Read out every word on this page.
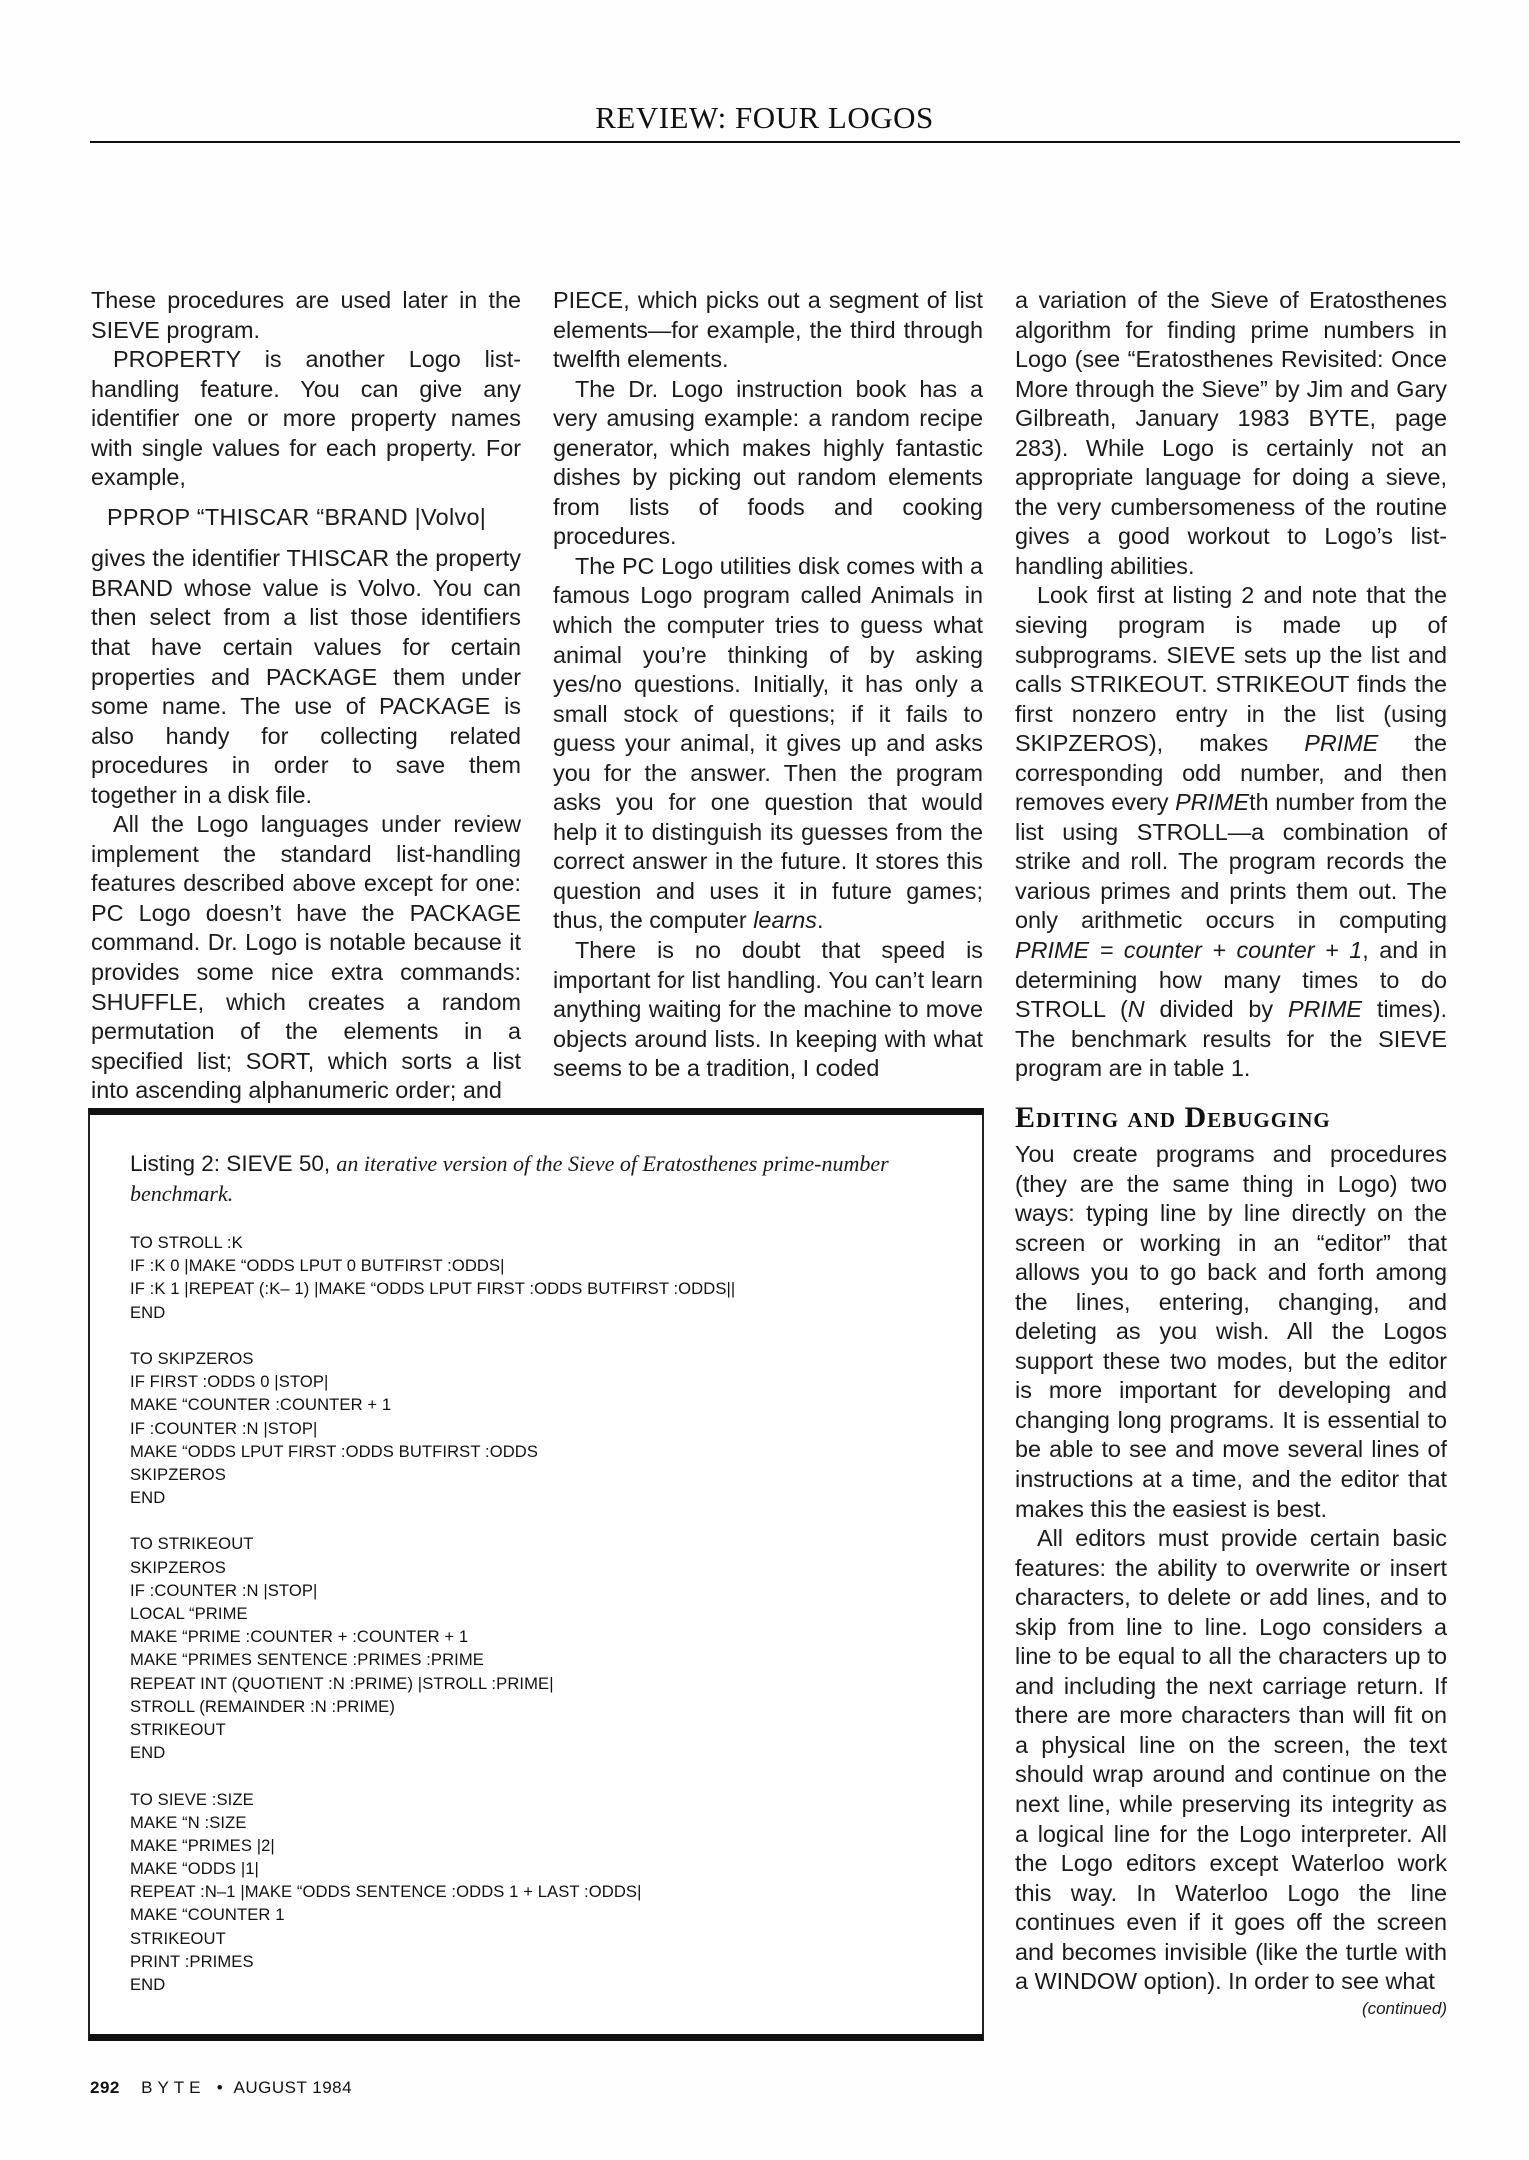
REVIEW: FOUR LOGOS

These procedures are used later in the SIEVE program.

PROPERTY is another Logo list-handling feature. You can give any identifier one or more property names with single values for each property. For example,

PPROP “THISCAR “BRAND |Volvo|

gives the identifier THISCAR the property BRAND whose value is Volvo. You can then select from a list those identifiers that have certain values for certain properties and PACKAGE them under some name. The use of PACKAGE is also handy for collecting related procedures in order to save them together in a disk file.

All the Logo languages under review implement the standard list-handling features described above except for one: PC Logo doesn’t have the PACKAGE command. Dr. Logo is notable because it provides some nice extra commands: SHUFFLE, which creates a random permutation of the elements in a specified list; SORT, which sorts a list into ascending alphanumeric order; and

PIECE, which picks out a segment of list elements—for example, the third through twelfth elements.

The Dr. Logo instruction book has a very amusing example: a random recipe generator, which makes highly fantastic dishes by picking out random elements from lists of foods and cooking procedures.

The PC Logo utilities disk comes with a famous Logo program called Animals in which the computer tries to guess what animal you’re thinking of by asking yes/no questions. Initially, it has only a small stock of questions; if it fails to guess your animal, it gives up and asks you for the answer. Then the program asks you for one question that would help it to distinguish its guesses from the correct answer in the future. It stores this question and uses it in future games; thus, the computer learns.

There is no doubt that speed is important for list handling. You can’t learn anything waiting for the machine to move objects around lists. In keeping with what seems to be a tradition, I coded

a variation of the Sieve of Eratosthenes algorithm for finding prime numbers in Logo (see “Eratosthenes Revisited: Once More through the Sieve” by Jim and Gary Gilbreath, January 1983 BYTE, page 283). While Logo is certainly not an appropriate language for doing a sieve, the very cumbersomeness of the routine gives a good workout to Logo’s list-handling abilities.

Look first at listing 2 and note that the sieving program is made up of subprograms. SIEVE sets up the list and calls STRIKEOUT. STRIKEOUT finds the first nonzero entry in the list (using SKIPZEROS), makes PRIME the corresponding odd number, and then removes every PRIMEth number from the list using STROLL—a combination of strike and roll. The program records the various primes and prints them out. The only arithmetic occurs in computing PRIME = counter + counter + 1, and in determining how many times to do STROLL (N divided by PRIME times). The benchmark results for the SIEVE program are in table 1.

Editing and Debugging

You create programs and procedures (they are the same thing in Logo) two ways: typing line by line directly on the screen or working in an “editor” that allows you to go back and forth among the lines, entering, changing, and deleting as you wish. All the Logos support these two modes, but the editor is more important for developing and changing long programs. It is essential to be able to see and move several lines of instructions at a time, and the editor that makes this the easiest is best.

All editors must provide certain basic features: the ability to overwrite or insert characters, to delete or add lines, and to skip from line to line. Logo considers a line to be equal to all the characters up to and including the next carriage return. If there are more characters than will fit on a physical line on the screen, the text should wrap around and continue on the next line, while preserving its integrity as a logical line for the Logo interpreter. All the Logo editors except Waterloo work this way. In Waterloo Logo the line continues even if it goes off the screen and becomes invisible (like the turtle with a WINDOW option). In order to see what

(continued)

Listing 2: SIEVE 50, an iterative version of the Sieve of Eratosthenes prime-number benchmark.
TO STROLL :K
IF :K 0 |MAKE “ODDS LPUT 0 BUTFIRST :ODDS|
IF :K 1 |REPEAT (:K– 1) |MAKE “ODDS LPUT FIRST :ODDS BUTFIRST :ODDS||
END
TO SKIPZEROS
IF FIRST :ODDS 0 |STOP|
MAKE “COUNTER :COUNTER + 1
IF :COUNTER :N |STOP|
MAKE “ODDS LPUT FIRST :ODDS BUTFIRST :ODDS
SKIPZEROS
END
TO STRIKEOUT
SKIPZEROS
IF :COUNTER :N |STOP|
LOCAL “PRIME
MAKE “PRIME :COUNTER + :COUNTER + 1
MAKE “PRIMES SENTENCE :PRIMES :PRIME
REPEAT INT (QUOTIENT :N :PRIME) |STROLL :PRIME|
STROLL (REMAINDER :N :PRIME)
STRIKEOUT
END
TO SIEVE :SIZE
MAKE “N :SIZE
MAKE “PRIMES |2|
MAKE “ODDS |1|
REPEAT :N–1 |MAKE “ODDS SENTENCE :ODDS 1 + LAST :ODDS|
MAKE “COUNTER 1
STRIKEOUT
PRINT :PRIMES
END
292 BYTE • AUGUST 1984
